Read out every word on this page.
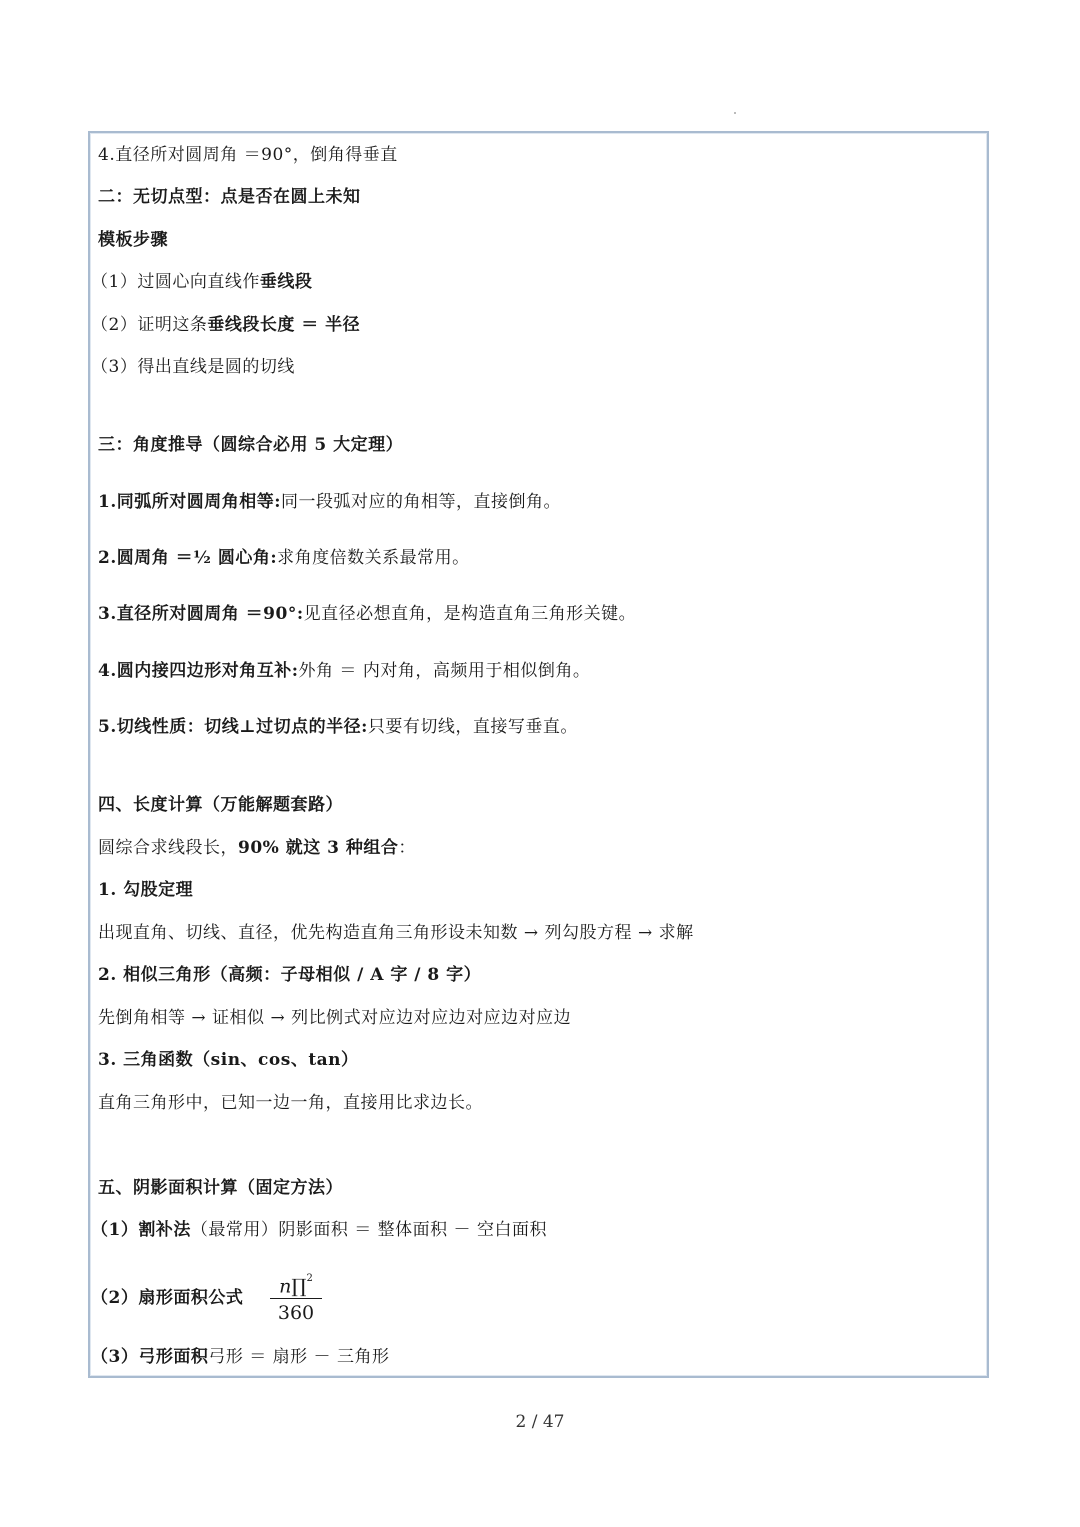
4.直径所对圆周角 ＝90°，倒角得垂直
二：无切点型：点是否在圆上未知
模板步骤
（1）过圆心向直线作垂线段
（2）证明这条垂线段长度 ＝ 半径
（3）得出直线是圆的切线
三：角度推导（圆综合必用 5 大定理）
1.同弧所对圆周角相等:同一段弧对应的角相等，直接倒角。
2.圆周角 ＝½ 圆心角:求角度倍数关系最常用。
3.直径所对圆周角 ＝90°:见直径必想直角，是构造直角三角形关键。
4.圆内接四边形对角互补:外角 ＝ 内对角，高频用于相似倒角。
5.切线性质：切线⊥过切点的半径:只要有切线，直接写垂直。
四、长度计算（万能解题套路）
圆综合求线段长，90% 就这 3 种组合：
1. 勾股定理
出现直角、切线、直径，优先构造直角三角形设未知数 → 列勾股方程 → 求解
2. 相似三角形（高频：子母相似 / A 字 / 8 字）
先倒角相等 → 证相似 → 列比例式对应边对应边对应边对应边
3. 三角函数（sin、cos、tan）
直角三角形中，已知一边一角，直接用比求边长。
五、阴影面积计算（固定方法）
（1）割补法（最常用）阴影面积 ＝ 整体面积 － 空白面积
（2）扇形面积公式
n∏$^2$
360
（3）弓形面积弓形 ＝ 扇形 － 三角形
2 / 47
